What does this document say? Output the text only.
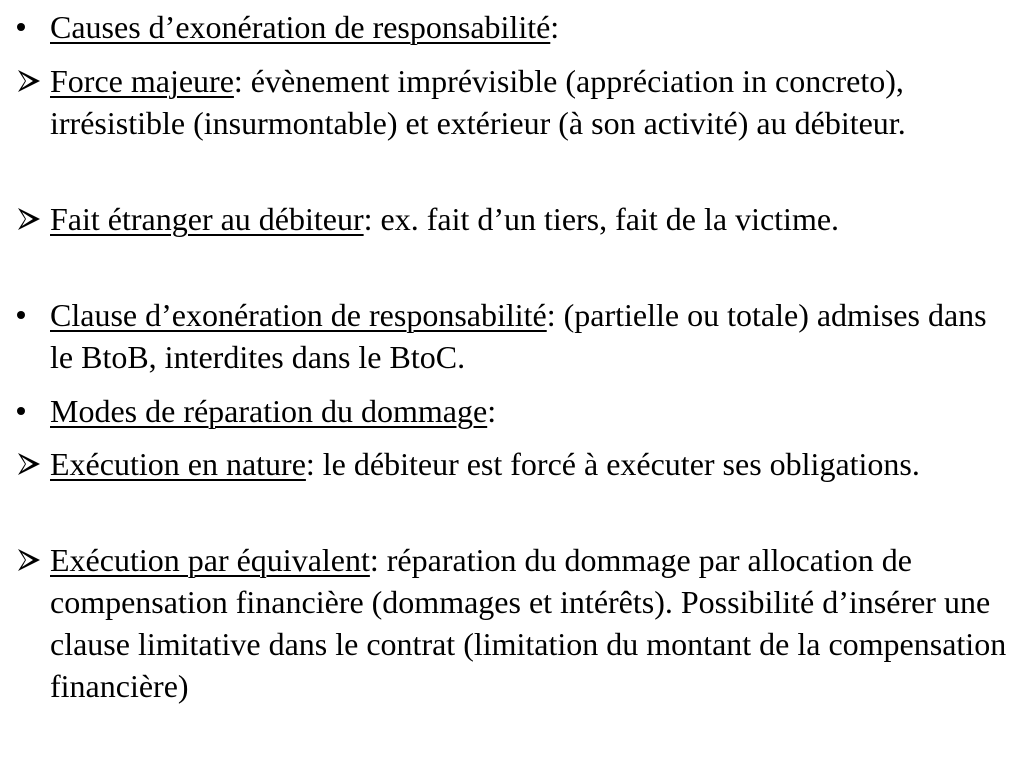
Causes d’exonération de responsabilité:
Force majeure: évènement imprévisible (appréciation in concreto), irrésistible (insurmontable) et extérieur (à son activité) au débiteur.
Fait étranger au débiteur: ex. fait d’un tiers, fait de la victime.
Clause d’exonération de responsabilité: (partielle ou totale) admises dans le BtoB, interdites dans le BtoC.
Modes de réparation du dommage:
Exécution en nature: le débiteur est forcé à exécuter ses obligations.
Exécution par équivalent: réparation du dommage par allocation de compensation financière (dommages et intérêts). Possibilité d’insérer une clause limitative dans le contrat (limitation du montant de la compensation financière)
